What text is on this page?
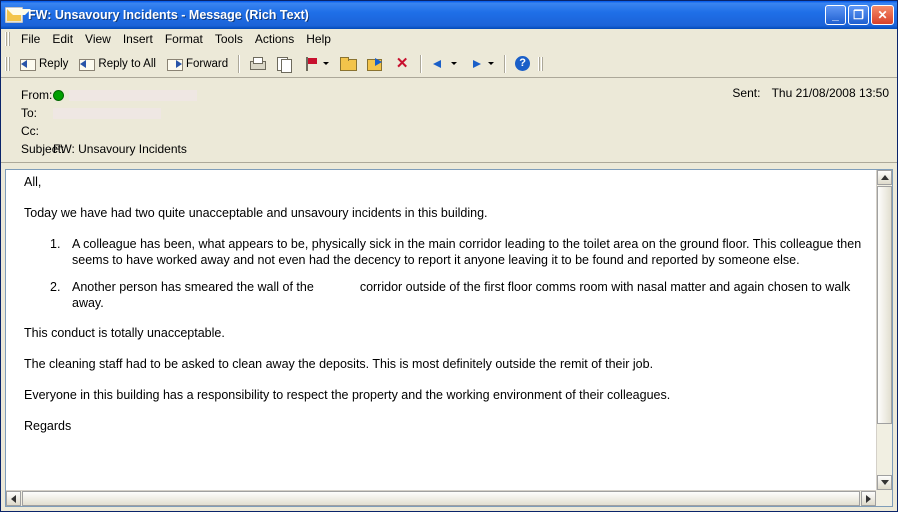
FW: Unsavoury Incidents - Message (Rich Text)	_	❐	✕
File	Edit	View	Insert	Format	Tools	Actions	Help
Reply	Reply to All	Forward	✕	?
Sent: Thu 21/08/2008 13:50
From:
To:
Cc:
Subject:
FW: Unsavoury Incidents

All,

Today we have had two quite unacceptable and unsavoury incidents in this building.

1. A colleague has been, what appears to be, physically sick in the main corridor leading to the toilet area on the ground floor. This colleague then seems to have worked away and not even had the decency to report it anyone leaving it to be found and reported by someone else.
2. Another person has smeared the wall of the	corridor outside of the first floor comms room with nasal matter and again chosen to walk away.

This conduct is totally unacceptable.

The cleaning staff had to be asked to clean away the deposits. This is most definitely outside the remit of their job.

Everyone in this building has a responsibility to respect the property and the working environment of their colleagues.

Regards
